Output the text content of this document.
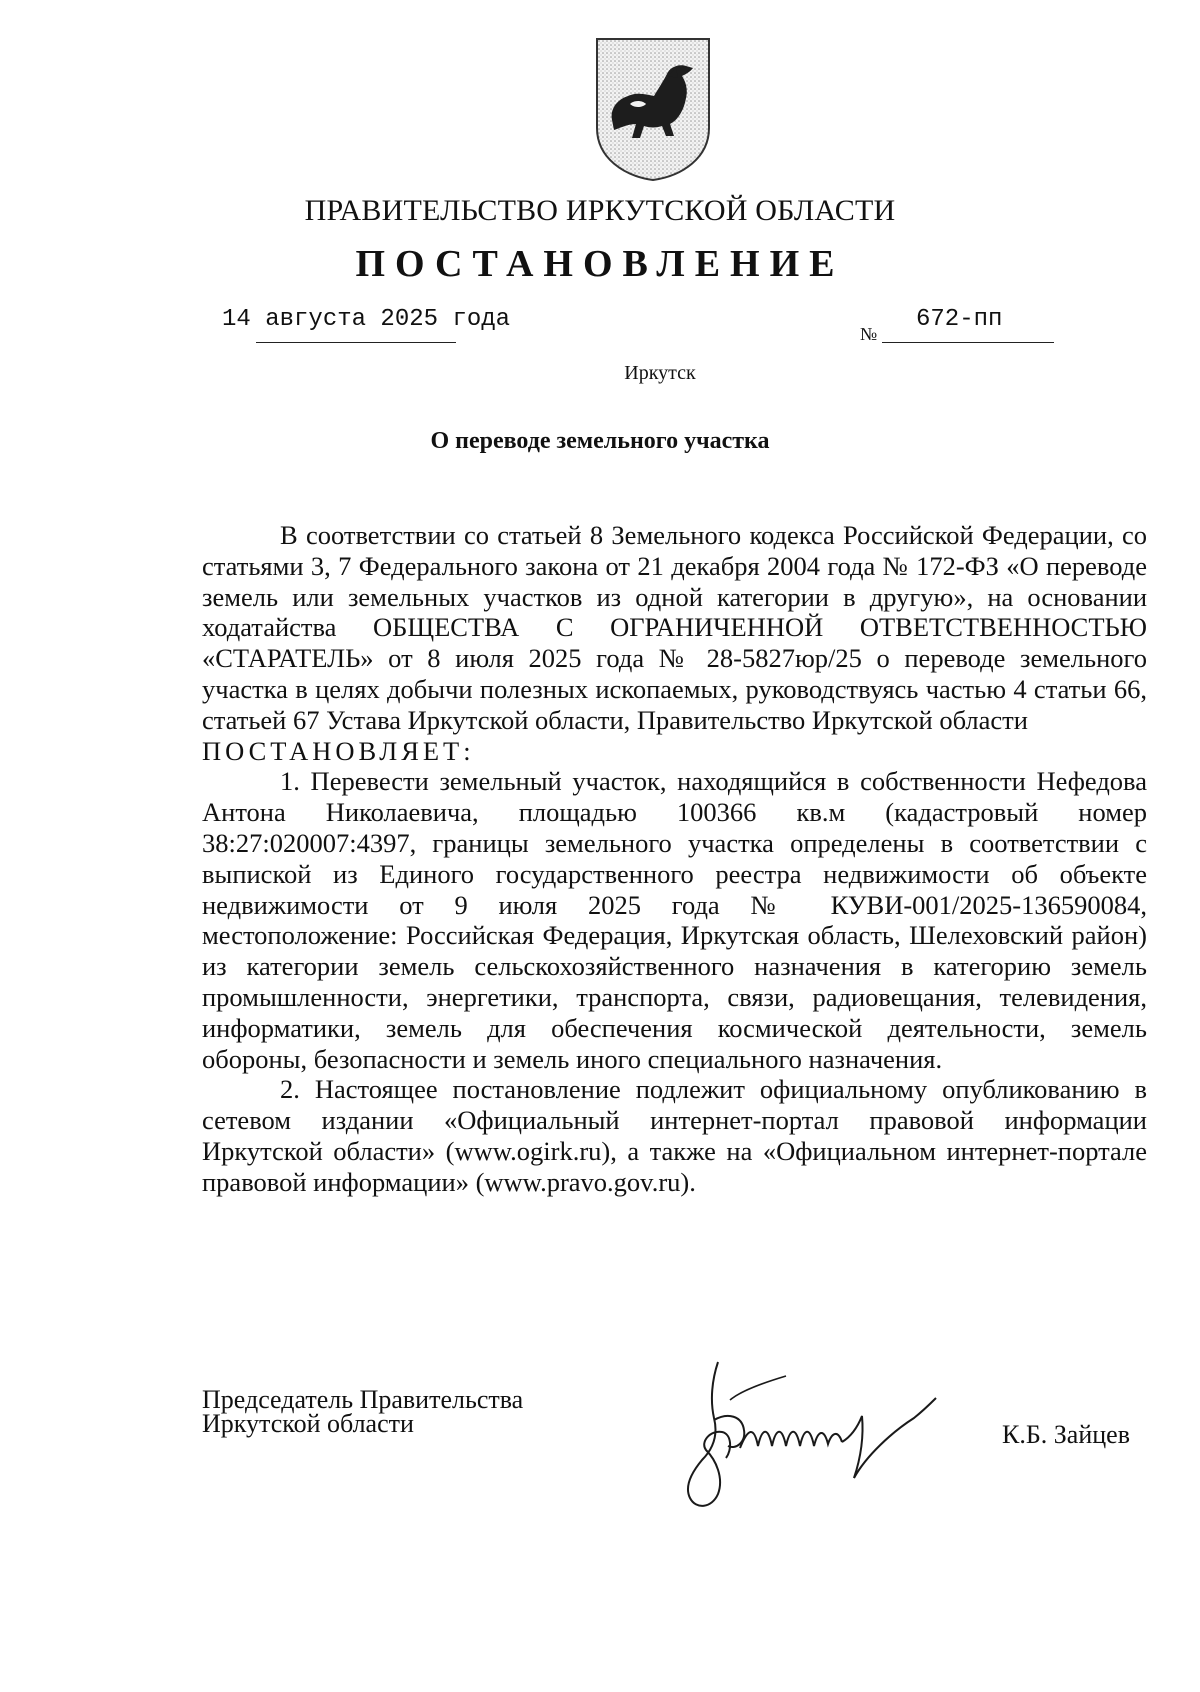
ПРАВИТЕЛЬСТВО ИРКУТСКОЙ ОБЛАСТИ
ПОСТАНОВЛЕНИЕ
14 августа 2025 года
№
672-пп
Иркутск
О переводе земельного участка

В соответствии со статьей 8 Земельного кодекса Российской Федерации, со статьями 3, 7 Федерального закона от 21 декабря 2004 года № 172-ФЗ «О переводе земель или земельных участков из одной категории в другую», на основании ходатайства ОБЩЕСТВА С ОГРАНИЧЕННОЙ ОТВЕТСТВЕННОСТЬЮ «СТАРАТЕЛЬ» от 8 июля 2025 года № 28-5827юр/25 о переводе земельного участка в целях добычи полезных ископаемых, руководствуясь частью 4 статьи 66, статьей 67 Устава Иркутской области, Правительство Иркутской области

ПОСТАНОВЛЯЕТ:

1. Перевести земельный участок, находящийся в собственности Нефедова Антона Николаевича, площадью 100366 кв.м (кадастровый номер 38:27:020007:4397, границы земельного участка определены в соответствии с выпиской из Единого государственного реестра недвижимости об объекте недвижимости от 9 июля 2025 года № КУВИ-001/2025-136590084, местоположение: Российская Федерация, Иркутская область, Шелеховский район) из категории земель сельскохозяйственного назначения в категорию земель промышленности, энергетики, транспорта, связи, радиовещания, телевидения, информатики, земель для обеспечения космической деятельности, земель обороны, безопасности и земель иного специального назначения.

2. Настоящее постановление подлежит официальному опубликованию в сетевом издании «Официальный интернет-портал правовой информации Иркутской области» (www.ogirk.ru), а также на «Официальном интернет-портале правовой информации» (www.pravo.gov.ru).

Председатель Правительства
Иркутской области	К.Б. Зайцев
